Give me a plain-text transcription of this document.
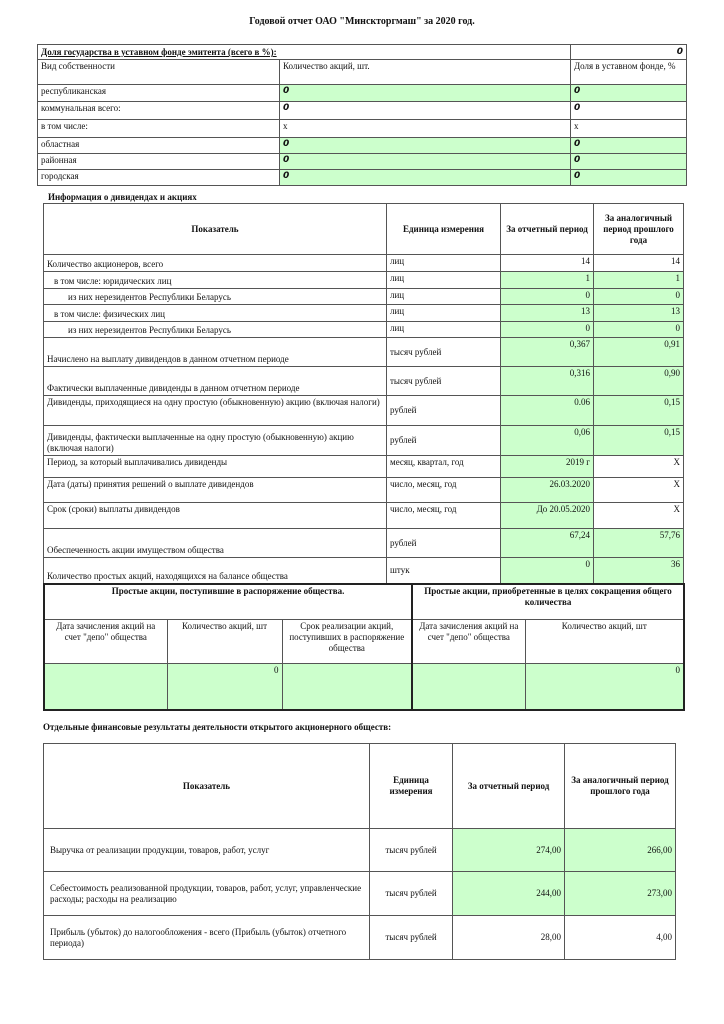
Годовой отчет ОАО "Минскторгмаш" за 2020 год.
Доля государства в уставном фонде эмитента (всего в %):		0
Вид собственности	Количество акций, шт.	Доля в уставном фонде, %
республиканская	0	0
коммунальная всего:	0	0
в том числе:	x	x
областная	0	0
районная	0	0
городская	0	0
Информация о дивидендах и акциях
Показатель	Единица измерения	За отчетный период	За аналогичный период прошлого года
Количество акционеров, всего	лиц	14	14
в том числе: юридических лиц	лиц	1	1
из них нерезидентов Республики Беларусь	лиц	0	0
в том числе: физических лиц	лиц	13	13
из них нерезидентов Республики Беларусь	лиц	0	0
Начислено на выплату дивидендов в данном отчетном периоде	тысяч рублей	0,367	0,91
Фактически выплаченные дивиденды в данном отчетном периоде	тысяч рублей	0,316	0,90
Дивиденды, приходящиеся на одну простую (обыкновенную) акцию (включая налоги)	рублей	0.06	0,15
Дивиденды, фактически выплаченные на одну простую (обыкновенную) акцию (включая налоги)	рублей	0,06	0,15
Период, за который выплачивались дивиденды	месяц, квартал, год	2019 г	X
Дата (даты) принятия решений о выплате дивидендов	число, месяц, год	26.03.2020	X
Срок (сроки) выплаты дивидендов	число, месяц, год	До 20.05.2020	X
Обеспеченность акции имуществом общества	рублей	67,24	57,76
Количество простых акций, находящихся на балансе общества	штук	0	36
Простые акции, поступившие в распоряжение общества.			Простые акции, приобретенные в целях сокращения общего количества	
Дата зачисления акций на счет "депо" общества	Количество акций, шт	Срок реализации акций, поступивших в распоряжение общества	Дата зачисления акций на счет "депо" общества	Количество акций, шт
	0			0
Отдельные финансовые результаты деятельности открытого акционерного обществ:
Показатель	Единица измерения	За отчетный период	За аналогичный период прошлого года
Выручка от реализации продукции, товаров, работ, услуг	тысяч рублей	274,00	266,00
Себестоимость реализованной продукции, товаров, работ, услуг, управленческие расходы; расходы на реализацию	тысяч рублей	244,00	273,00
Прибыль (убыток) до налогообложения - всего (Прибыль (убыток) отчетного периода)	тысяч рублей	28,00	4,00
